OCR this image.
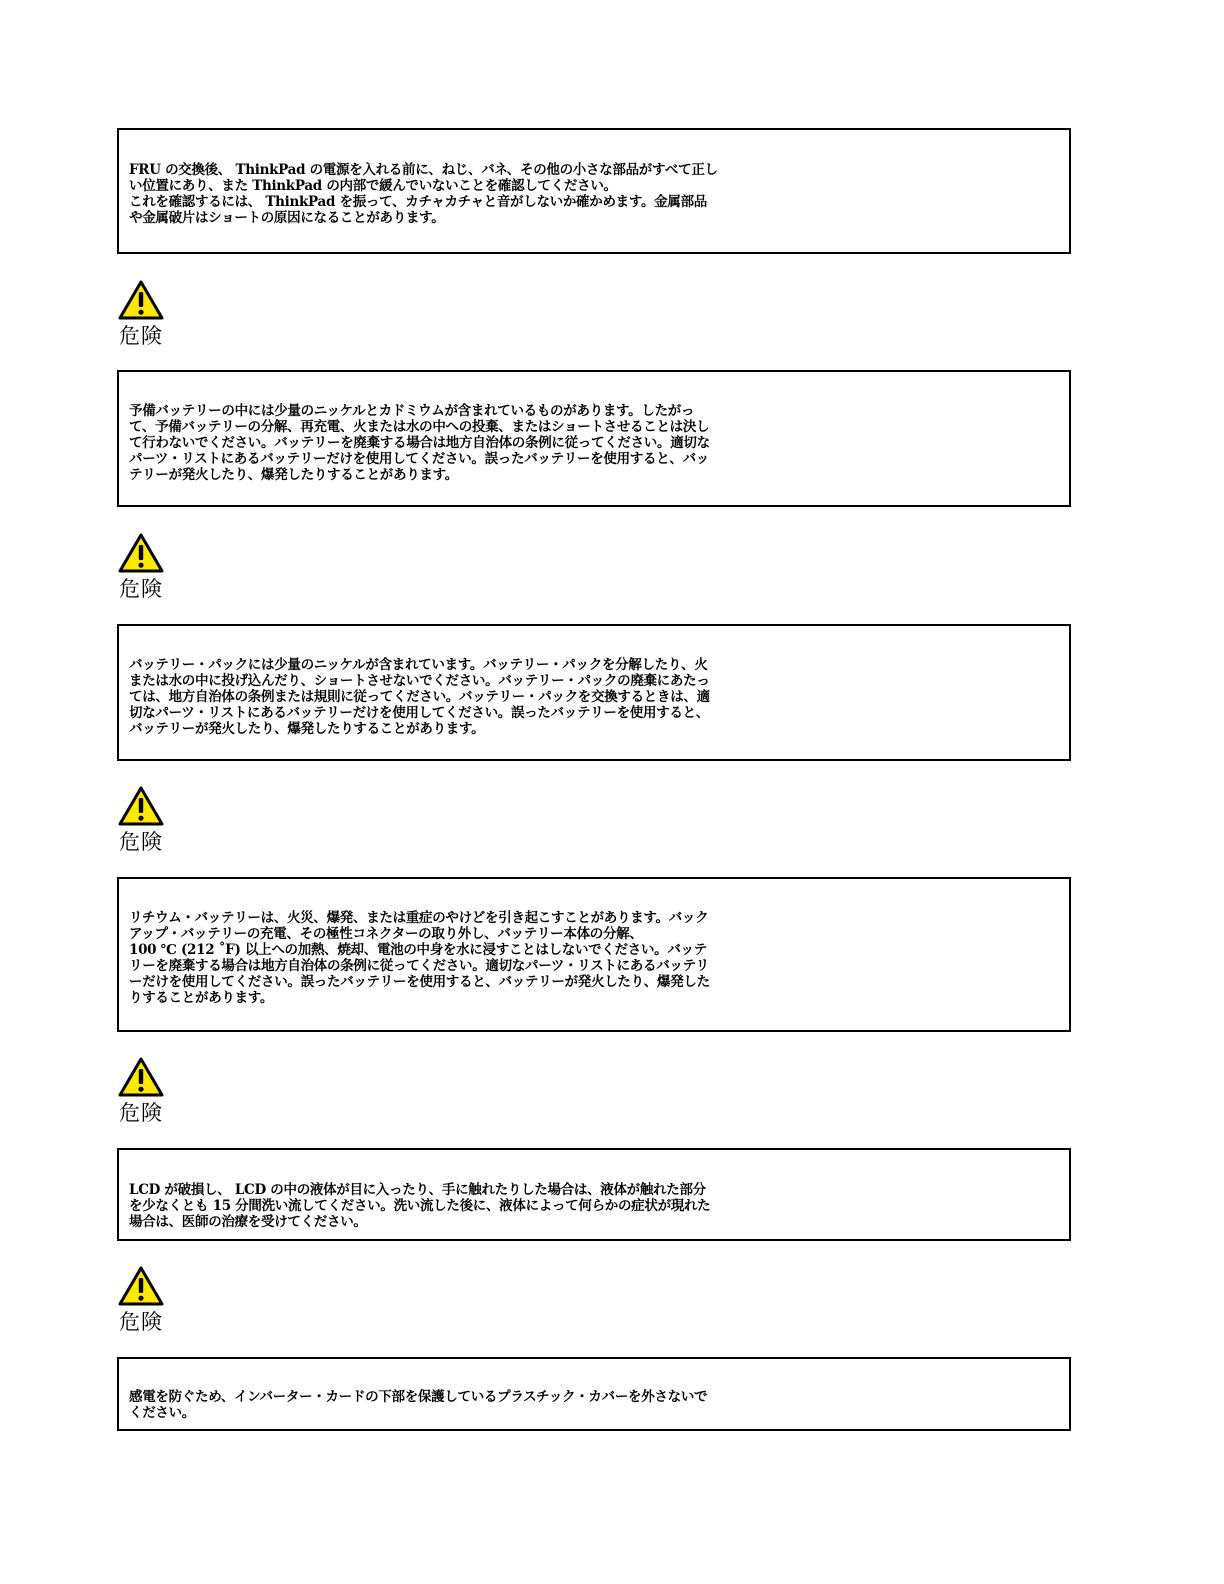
FRU の交換後、 ThinkPad の電源を入れる前に、ねじ、バネ、その他の小さな部品がすべて正しい位置にあり、また ThinkPad の内部で緩んでいないことを確認してください。
これを確認するには、 ThinkPad を振って、カチャカチャと音がしないか確かめます。金属部品や金属破片はショートの原因になることがあります。

危険

予備バッテリーの中には少量のニッケルとカドミウムが含まれているものがあります。したがって、予備バッテリーの分解、再充電、火または水の中への投棄、またはショートさせることは決して行わないでください。バッテリーを廃棄する場合は地方自治体の条例に従ってください。適切なパーツ・リストにあるバッテリーだけを使用してください。誤ったバッテリーを使用すると、バッテリーが発火したり、爆発したりすることがあります。

危険

バッテリー・パックには少量のニッケルが含まれています。バッテリー・パックを分解したり、火または水の中に投げ込んだり、ショートさせないでください。バッテリー・パックの廃棄にあたっては、地方自治体の条例または規則に従ってください。バッテリー・パックを交換するときは、適切なパーツ・リストにあるバッテリーだけを使用してください。誤ったバッテリーを使用すると、バッテリーが発火したり、爆発したりすることがあります。

危険

リチウム・バッテリーは、火災、爆発、または重症のやけどを引き起こすことがあります。バックアップ・バッテリーの充電、その極性コネクターの取り外し、バッテリー本体の分解、
100 ℃ (212 ˚F) 以上への加熱、焼却、電池の中身を水に浸すことはしないでください。バッテリーを廃棄する場合は地方自治体の条例に従ってください。適切なパーツ・リストにあるバッテリーだけを使用してください。誤ったバッテリーを使用すると、バッテリーが発火したり、爆発したりすることがあります。

危険

LCD が破損し、 LCD の中の液体が目に入ったり、手に触れたりした場合は、液体が触れた部分を少なくとも 15 分間洗い流してください。洗い流した後に、液体によって何らかの症状が現れた場合は、医師の治療を受けてください。

危険

感電を防ぐため、インバーター・カードの下部を保護しているプラスチック・カバーを外さないでください。
